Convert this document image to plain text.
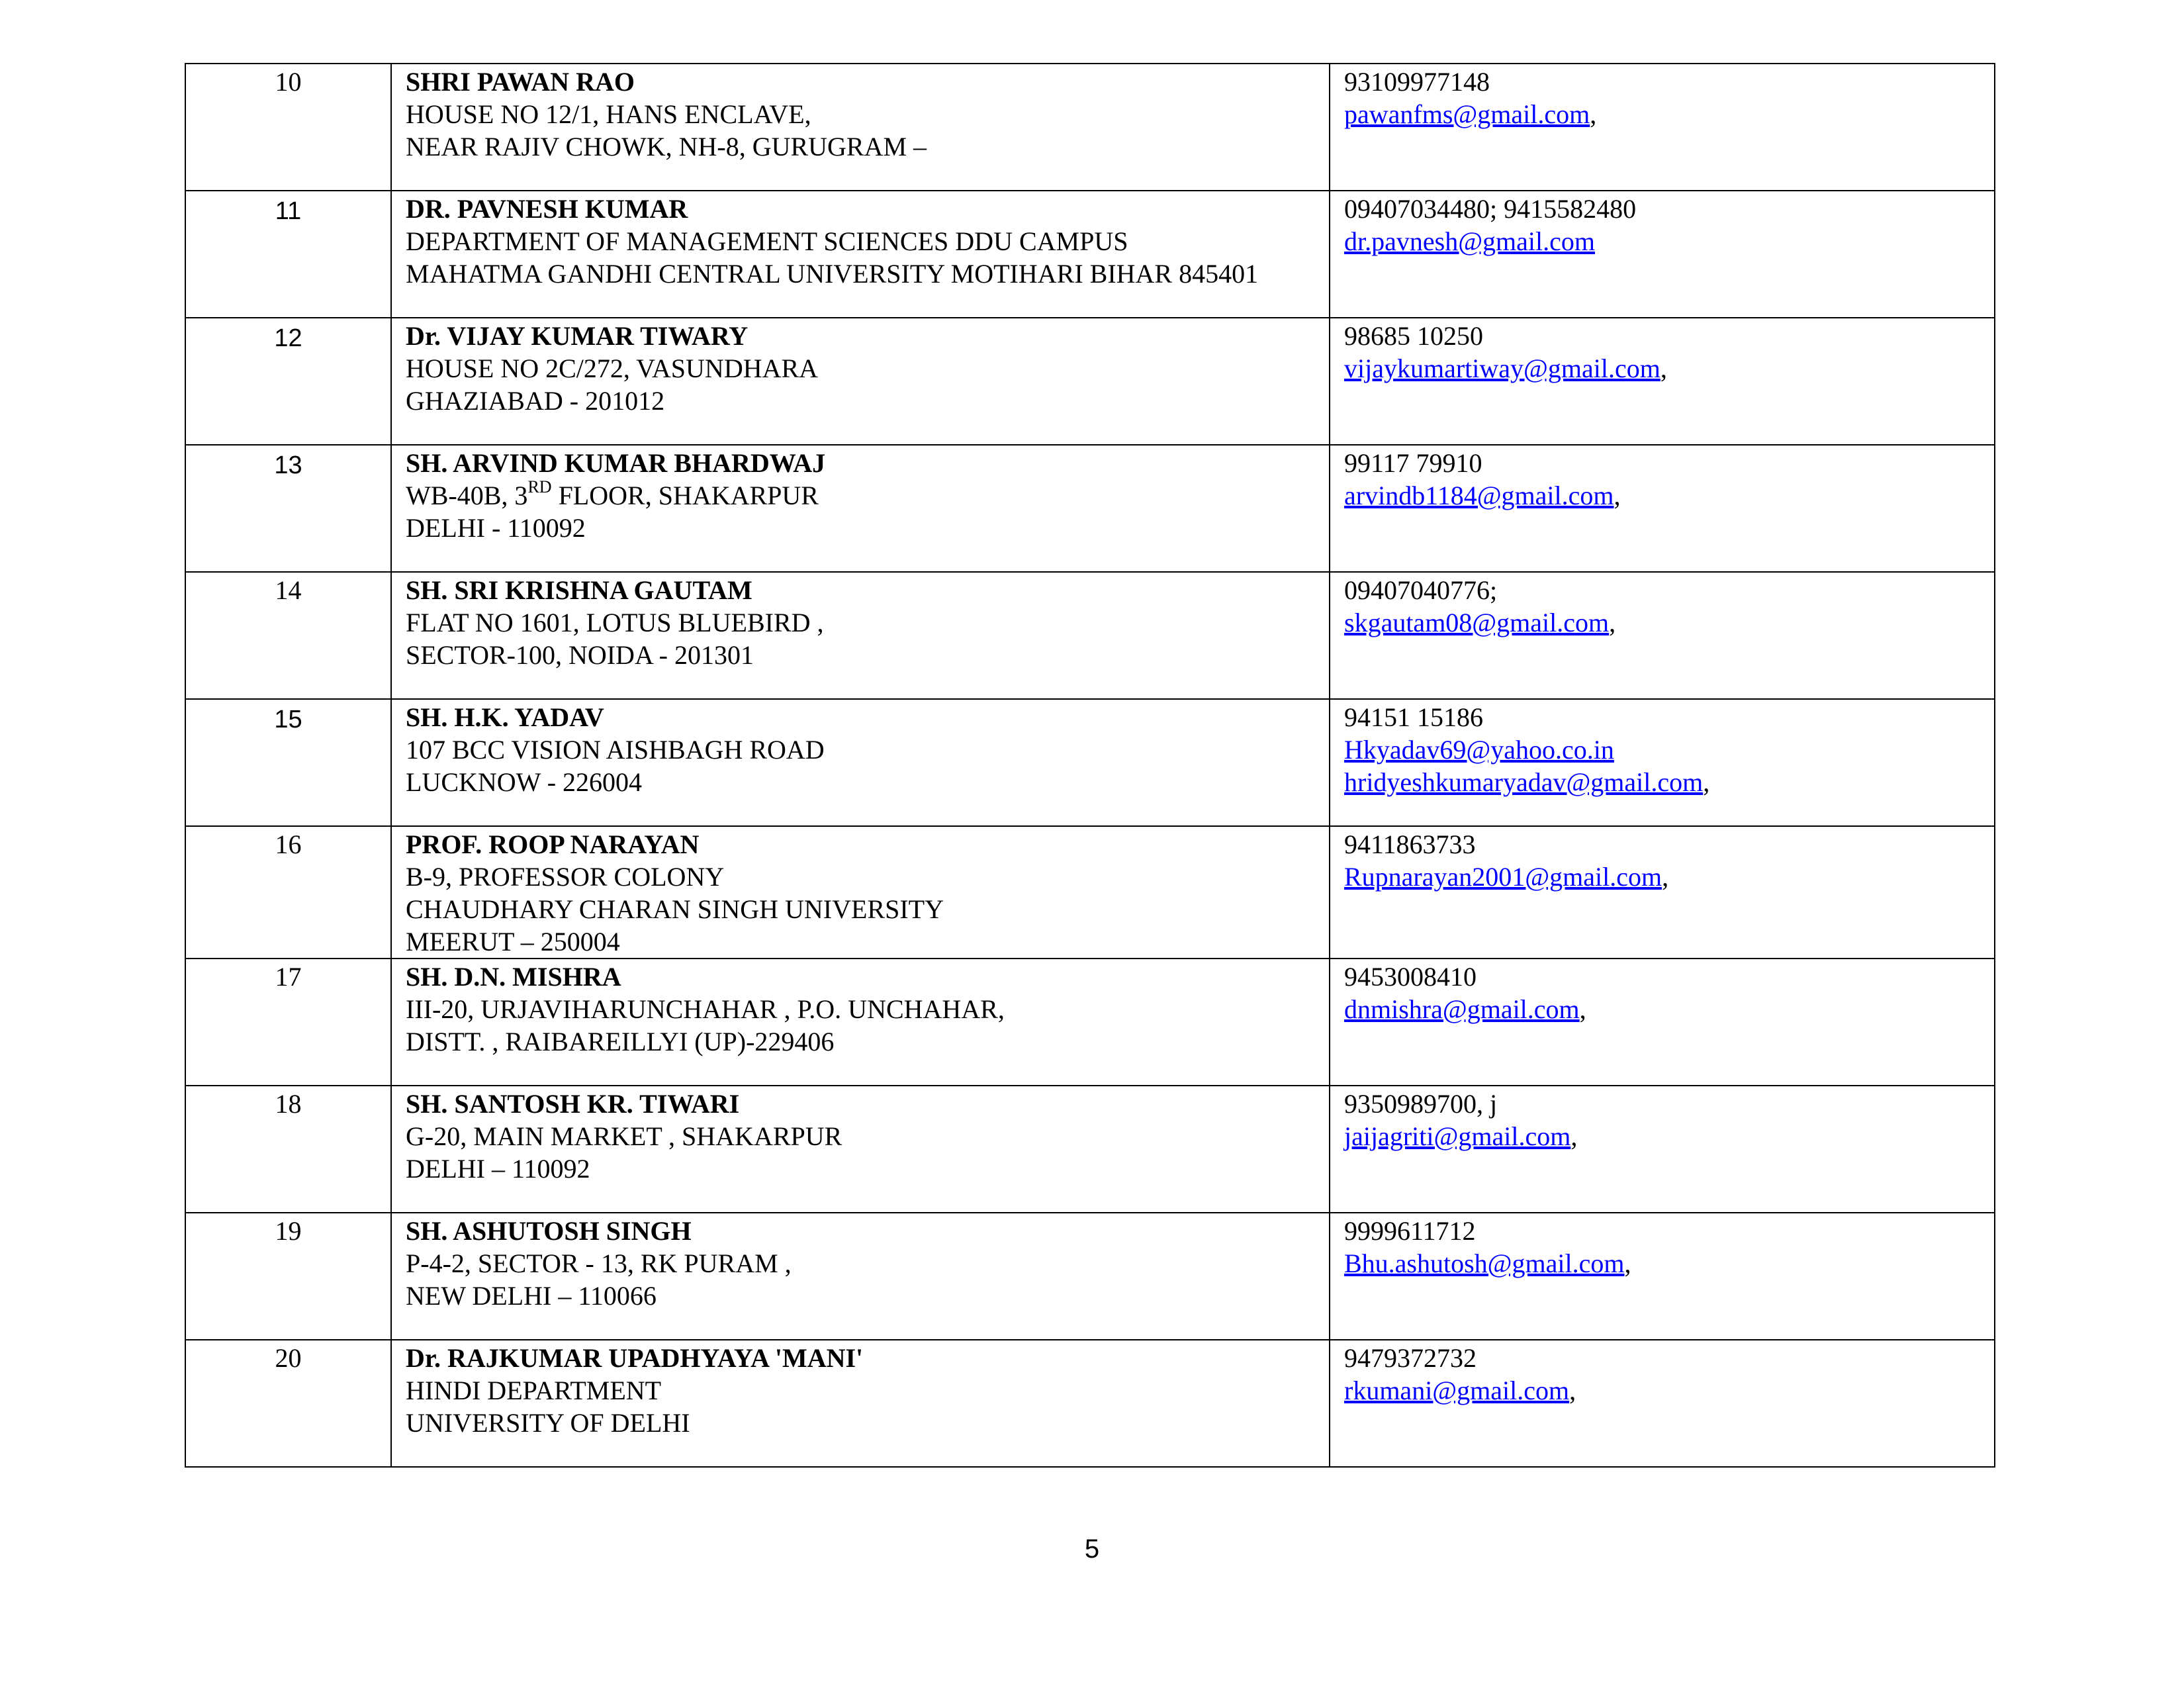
10	SHRI PAWAN RAO
HOUSE NO 12/1, HANS ENCLAVE,
NEAR RAJIV CHOWK, NH-8, GURUGRAM –	93109977148
pawanfms@gmail.com,

11	DR. PAVNESH KUMAR
DEPARTMENT OF MANAGEMENT SCIENCES DDU CAMPUS
MAHATMA GANDHI CENTRAL UNIVERSITY MOTIHARI BIHAR 845401	09407034480; 9415582480
dr.pavnesh@gmail.com

12	Dr. VIJAY KUMAR TIWARY
HOUSE NO 2C/272, VASUNDHARA
GHAZIABAD - 201012	98685 10250
vijaykumartiway@gmail.com,

13	SH. ARVIND KUMAR BHARDWAJ
WB-40B, 3RD FLOOR, SHAKARPUR
DELHI - 110092	99117 79910
arvindb1184@gmail.com,

14	SH. SRI KRISHNA GAUTAM
FLAT NO 1601, LOTUS BLUEBIRD ,
SECTOR-100, NOIDA - 201301	09407040776;
skgautam08@gmail.com,

15	SH. H.K. YADAV
107 BCC VISION AISHBAGH ROAD
LUCKNOW - 226004	94151 15186
Hkyadav69@yahoo.co.in
hridyeshkumaryadav@gmail.com,

16	PROF. ROOP NARAYAN
B-9, PROFESSOR COLONY
CHAUDHARY CHARAN SINGH UNIVERSITY
MEERUT – 250004	9411863733
Rupnarayan2001@gmail.com,

17	SH. D.N. MISHRA
III-20, URJAVIHARUNCHAHAR , P.O. UNCHAHAR,
DISTT. , RAIBAREILLYI (UP)-229406	9453008410
dnmishra@gmail.com,

18	SH. SANTOSH KR. TIWARI
G-20, MAIN MARKET , SHAKARPUR
DELHI – 110092	9350989700, j
jaijagriti@gmail.com,

19	SH. ASHUTOSH SINGH
P-4-2, SECTOR - 13, RK PURAM ,
NEW DELHI – 110066	9999611712
Bhu.ashutosh@gmail.com,

20	Dr. RAJKUMAR UPADHYAYA 'MANI'
HINDI DEPARTMENT
UNIVERSITY OF DELHI	9479372732
rkumani@gmail.com,
5
